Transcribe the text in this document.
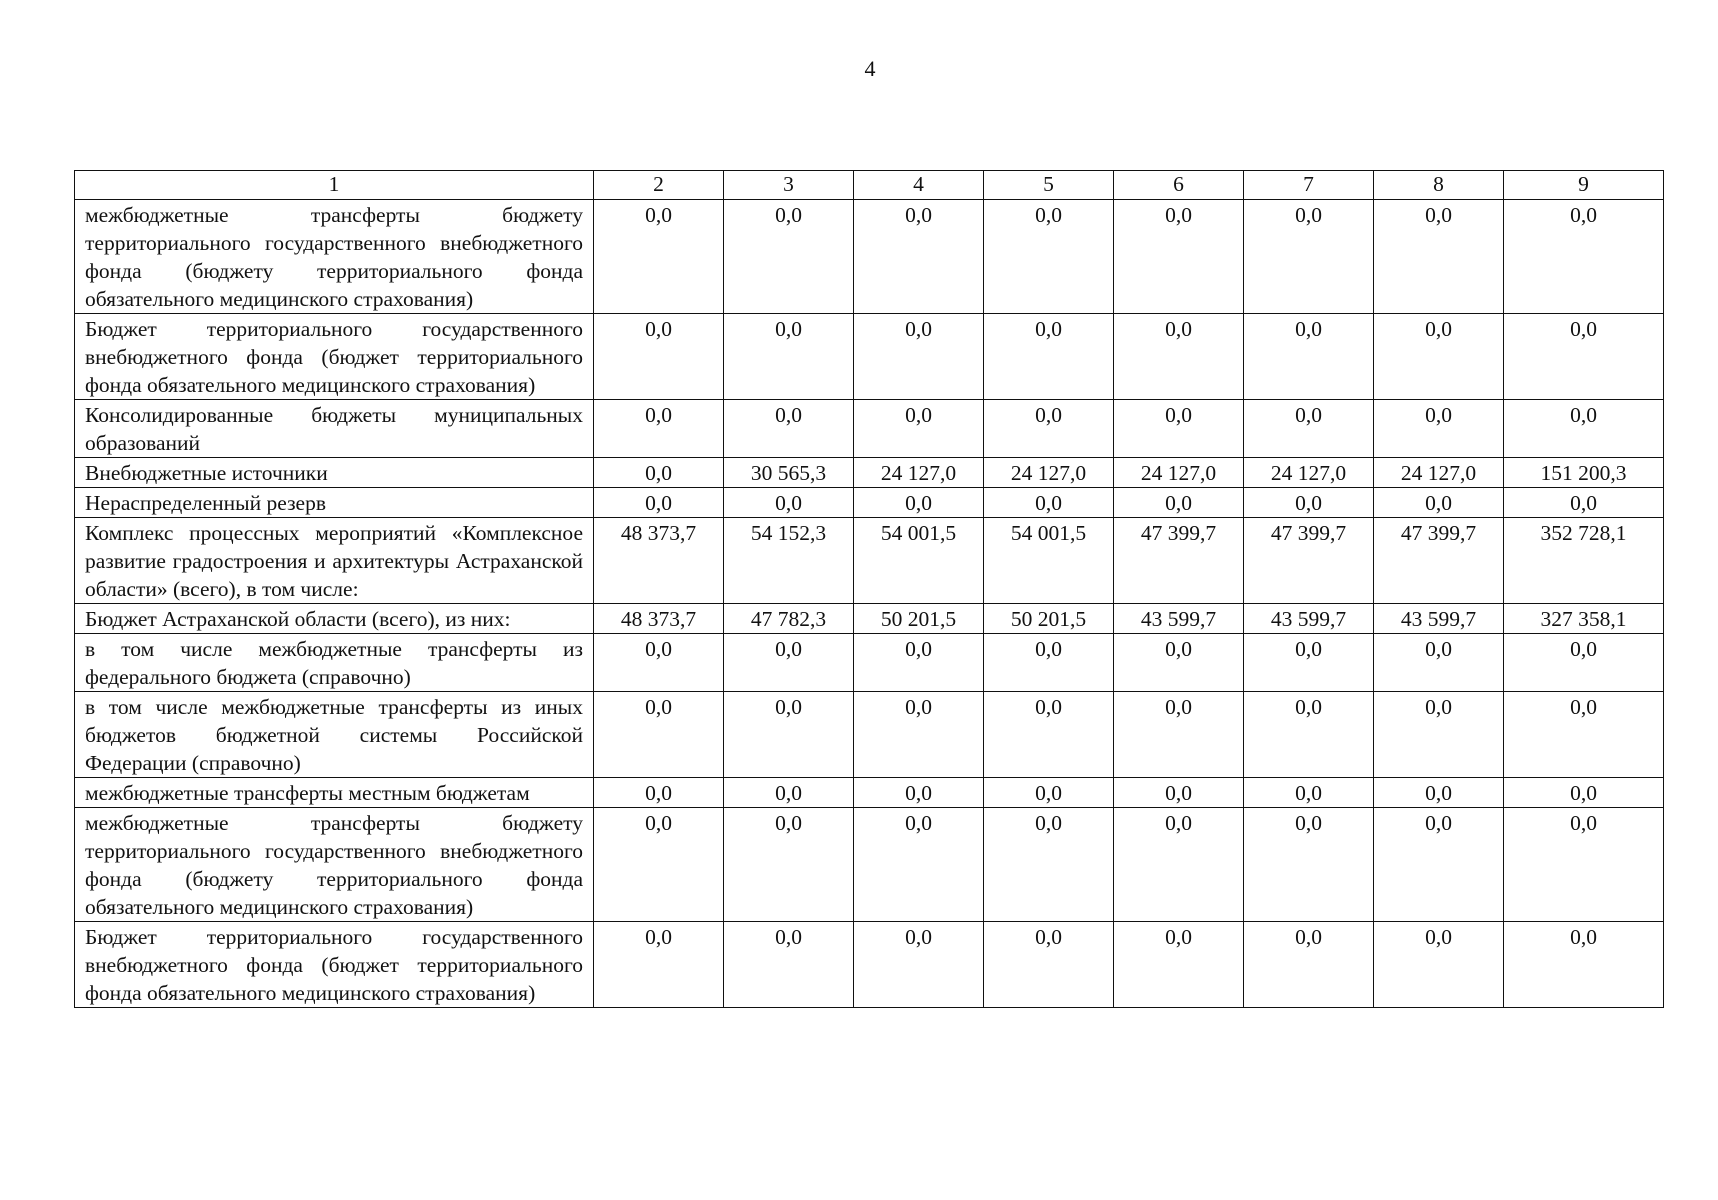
4
1	2	3	4	5	6	7	8	9
межбюджетные трансферты бюджету территориального государственного внебюджетного фонда (бюджету территориального фонда обязательного медицинского страхования)	0,0	0,0	0,0	0,0	0,0	0,0	0,0	0,0
Бюджет территориального государственного внебюджетного фонда (бюджет территориального фонда обязательного медицинского страхования)	0,0	0,0	0,0	0,0	0,0	0,0	0,0	0,0
Консолидированные бюджеты муниципальных образований	0,0	0,0	0,0	0,0	0,0	0,0	0,0	0,0
Внебюджетные источники	0,0	30 565,3	24 127,0	24 127,0	24 127,0	24 127,0	24 127,0	151 200,3
Нераспределенный резерв	0,0	0,0	0,0	0,0	0,0	0,0	0,0	0,0
Комплекс процессных мероприятий «Комплексное развитие градостроения и архитектуры Астраханской области» (всего), в том числе:	48 373,7	54 152,3	54 001,5	54 001,5	47 399,7	47 399,7	47 399,7	352 728,1
Бюджет Астраханской области (всего), из них:	48 373,7	47 782,3	50 201,5	50 201,5	43 599,7	43 599,7	43 599,7	327 358,1
в том числе межбюджетные трансферты из федерального бюджета (справочно)	0,0	0,0	0,0	0,0	0,0	0,0	0,0	0,0
в том числе межбюджетные трансферты из иных бюджетов бюджетной системы Российской Федерации (справочно)	0,0	0,0	0,0	0,0	0,0	0,0	0,0	0,0
межбюджетные трансферты местным бюджетам	0,0	0,0	0,0	0,0	0,0	0,0	0,0	0,0
межбюджетные трансферты бюджету территориального государственного внебюджетного фонда (бюджету территориального фонда обязательного медицинского страхования)	0,0	0,0	0,0	0,0	0,0	0,0	0,0	0,0
Бюджет территориального государственного внебюджетного фонда (бюджет территориального фонда обязательного медицинского страхования)	0,0	0,0	0,0	0,0	0,0	0,0	0,0	0,0
